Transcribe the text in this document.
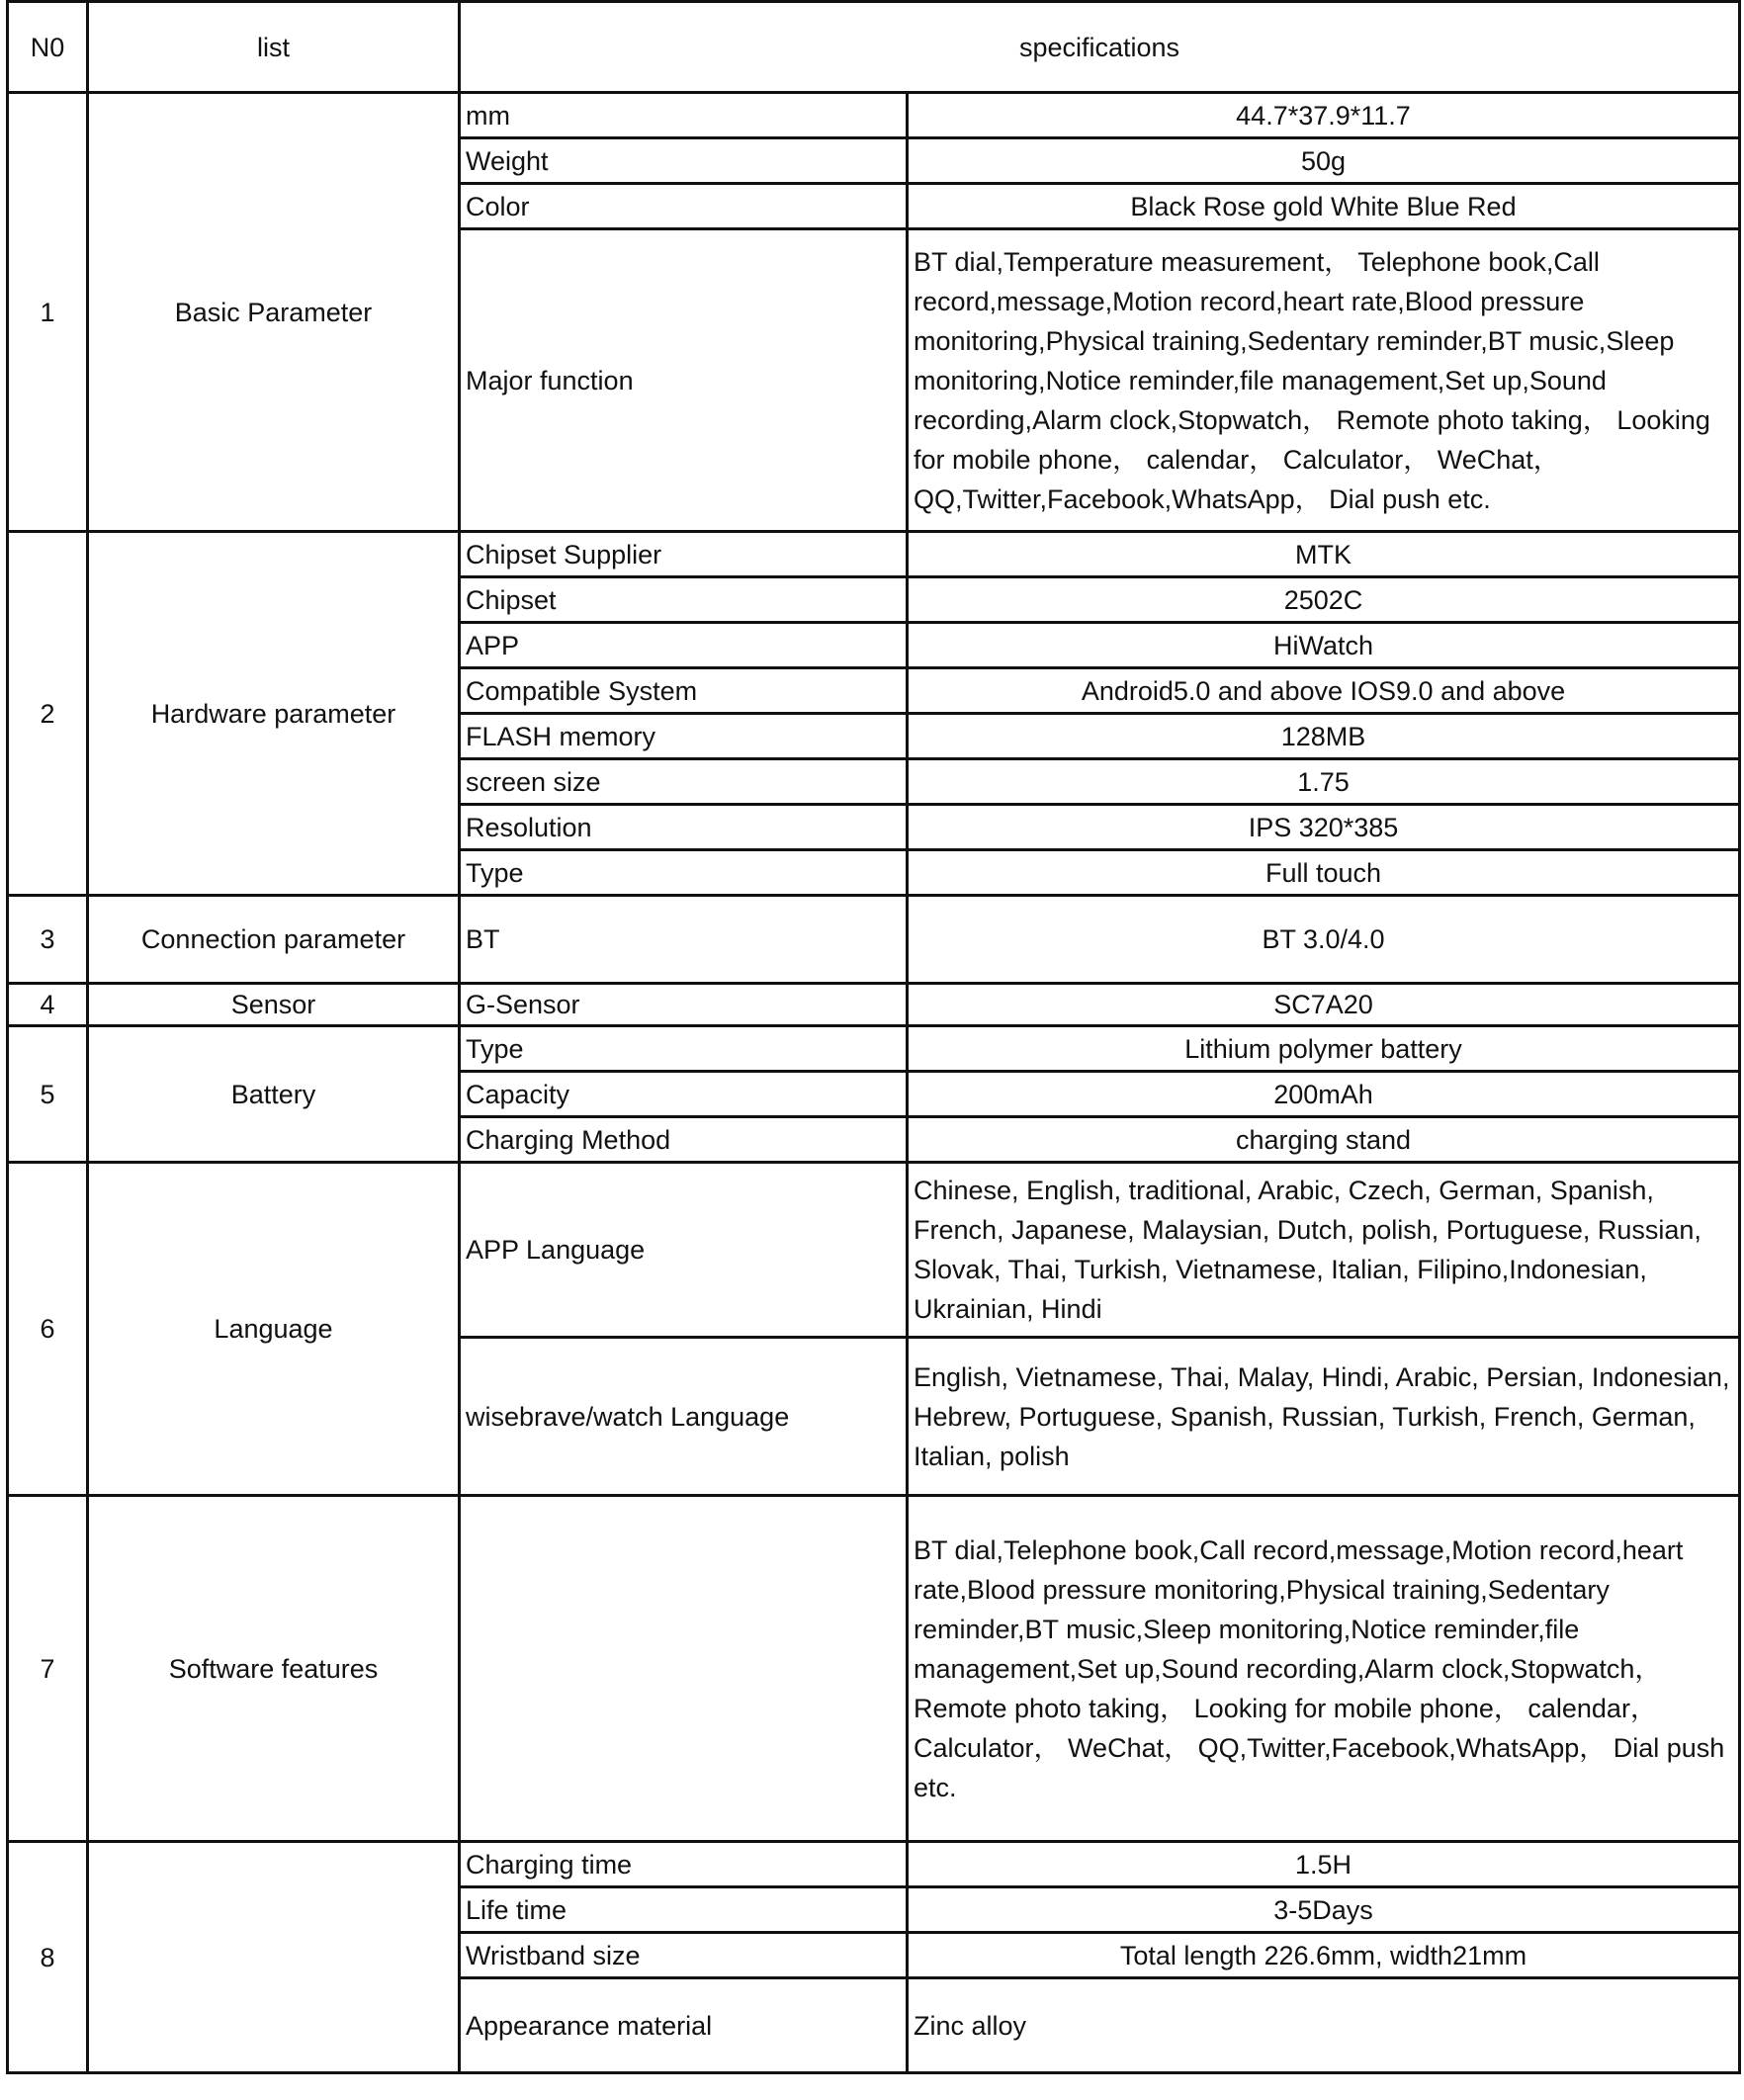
N0	list	specifications	
1	Basic Parameter	mm	44.7*37.9*11.7
		Weight	50g
		Color	Black Rose gold White Blue Red
		Major function	BT dial,Temperature measurement， Telephone book,Call record,message,Motion record,heart rate,Blood pressure monitoring,Physical training,Sedentary reminder,BT music,Sleep monitoring,Notice reminder,file management,Set up,Sound recording,Alarm clock,Stopwatch， Remote photo taking， Looking for mobile phone， calendar， Calculator， WeChat， QQ,Twitter,Facebook,WhatsApp， Dial push etc.
2	Hardware parameter	Chipset Supplier	MTK
		Chipset	2502C
		APP	HiWatch
		Compatible System	Android5.0 and above IOS9.0 and above
		FLASH memory	128MB
		screen size	1.75
		Resolution	IPS 320*385
		Type	Full touch
3	Connection parameter	BT	BT 3.0/4.0
4	Sensor	G-Sensor	SC7A20
5	Battery	Type	Lithium polymer battery
		Capacity	200mAh
		Charging Method	charging stand
6	Language	APP Language	Chinese, English, traditional, Arabic, Czech, German, Spanish, French, Japanese, Malaysian, Dutch, polish, Portuguese, Russian, Slovak, Thai, Turkish, Vietnamese, Italian, Filipino,Indonesian, Ukrainian, Hindi
		wisebrave/watch Language	English, Vietnamese, Thai, Malay, Hindi, Arabic, Persian, Indonesian, Hebrew, Portuguese, Spanish, Russian, Turkish, French, German, Italian, polish
7	Software features		BT dial,Telephone book,Call record,message,Motion record,heart rate,Blood pressure monitoring,Physical training,Sedentary reminder,BT music,Sleep monitoring,Notice reminder,file management,Set up,Sound recording,Alarm clock,Stopwatch， Remote photo taking， Looking for mobile phone， calendar， Calculator， WeChat， QQ,Twitter,Facebook,WhatsApp， Dial push etc.
8		Charging time	1.5H
		Life time	3-5Days
		Wristband size	Total length 226.6mm, width21mm
		Appearance material	Zinc alloy
